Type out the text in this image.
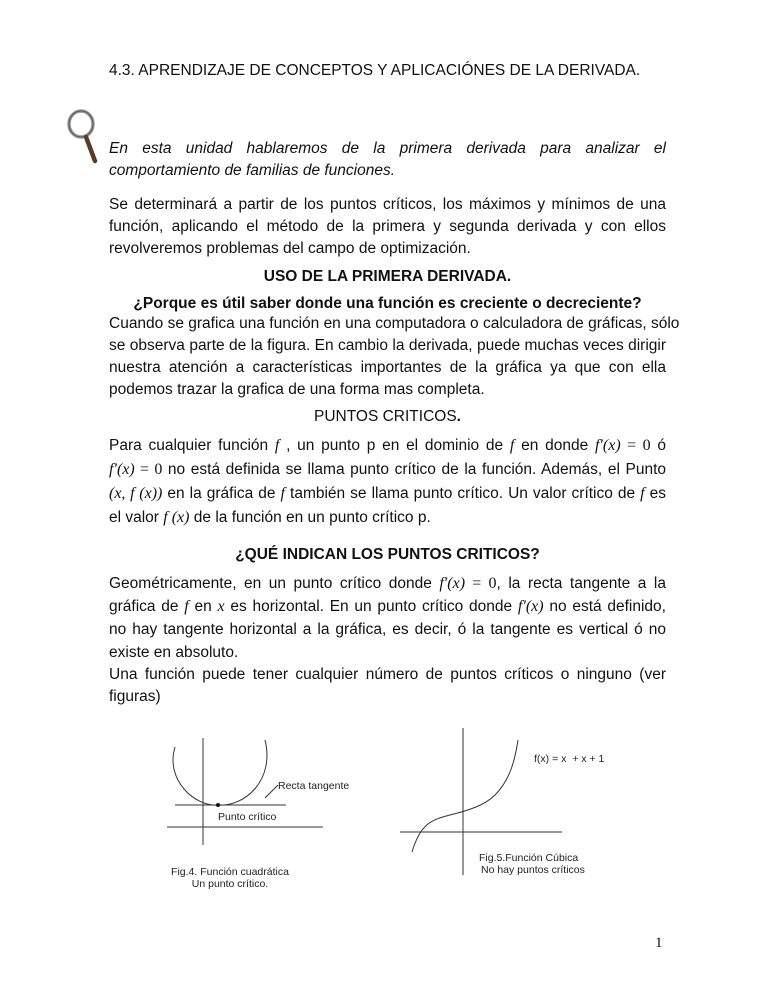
4.3. APRENDIZAJE DE CONCEPTOS Y APLICACIÓNES DE LA DERIVADA.
En esta unidad hablaremos de la primera derivada para analizar el
comportamiento de familias de funciones.
Se determinará a partir de los puntos críticos, los máximos y mínimos de una
función, aplicando el método de la primera y segunda derivada y con ellos
revolveremos problemas del campo de optimización.
USO DE LA PRIMERA DERIVADA.
¿Porque es útil saber donde una función es creciente o decreciente?
Cuando se grafica una función en una computadora o calculadora de gráficas, sólo
se observa parte de la figura. En cambio la derivada, puede muchas veces dirigir
nuestra atención a características importantes de la gráfica ya que con ella
podemos trazar la grafica de una forma mas completa.
PUNTOS CRITICOS.
Para cualquier función f , un punto p en el dominio de f en donde f′(x) = 0 ó
f′(x) = 0 no está definida se llama punto crítico de la función. Además, el Punto
(x, f (x)) en la gráfica de f también se llama punto crítico. Un valor crítico de f es
el valor f (x) de la función en un punto crítico p.
¿QUÉ INDICAN LOS PUNTOS CRITICOS?
Geométricamente, en un punto crítico donde f′(x) = 0, la recta tangente a la
gráfica de f en x es horizontal. En un punto crítico donde f′(x) no está definido,
no hay tangente horizontal a la gráfica, es decir, ó la tangente es vertical ó no
existe en absoluto.
Una función puede tener cualquier número de puntos críticos o ninguno (ver
figuras)
Recta tangente
Punto crítico
Fig.4. Función cuadrática
Un punto crítico.
f(x) = x  + x + 1
Fig.5.Función Cúbica
No hay puntos críticos
1
